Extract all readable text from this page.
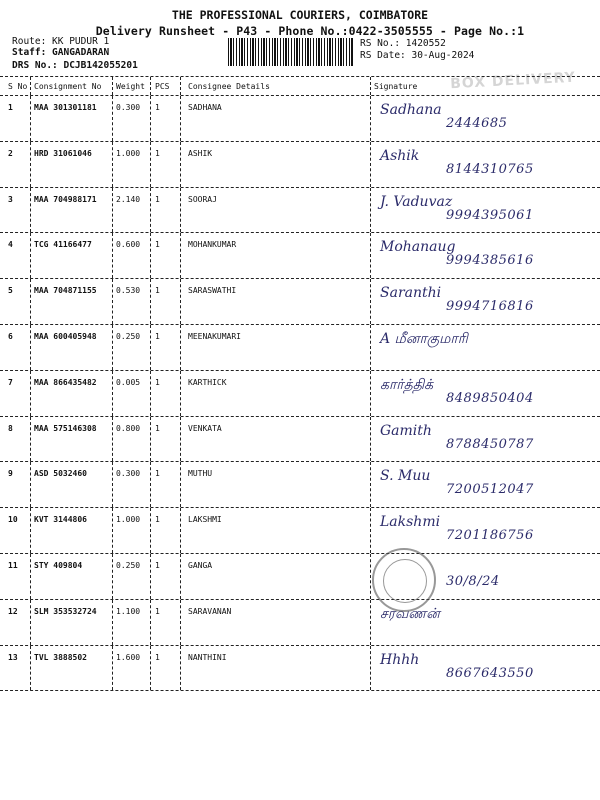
THE PROFESSIONAL COURIERS, COIMBATORE
Delivery Runsheet - P43 - Phone No.:0422-3505555 - Page No.:1
Route: KK PUDUR 1
Staff: GANGADARAN
DRS No.: DCJB142055201
RS No.: 1420552
RS Date: 30-Aug-2024
BOX DELIVERY
S No Consignment No Weight PCS Consignee Details	Signature
1	MAA 301301181 0.300 1	SADHANA	Sadhana
2444685
2	HRD 31061046	1.000 1	ASHIK	Ashik
8144310765
3	MAA 704988171 2.140 1	SOORAJ	J. Vaduvaz
9994395061
4	TCG 41166477	0.600 1	MOHANKUMAR	Mohanaug
9994385616
5	MAA 704871155 0.530 1	SARASWATHI	Saranthi
9994716816
6	MAA 600405948 0.250 1	MEENAKUMARI	A மீனாகுமாரி
7	MAA 866435482 0.005 1	KARTHICK	கார்த்திக்
8489850404
8	MAA 575146308 0.800 1	VENKATA	Gamith
8788450787
9	ASD 5032460	0.300 1	MUTHU	S. Muu
7200512047
10 KVT 3144806	1.000 1	LAKSHMI	Lakshmi
7201186756
11 STY 409804	0.250 1	GANGA
30/8/24
12 SLM 353532724 1.100 1	SARAVANAN	சரவணன்
13 TVL 3888502	1.600 1	NANTHINI	Hhhh
8667643550
